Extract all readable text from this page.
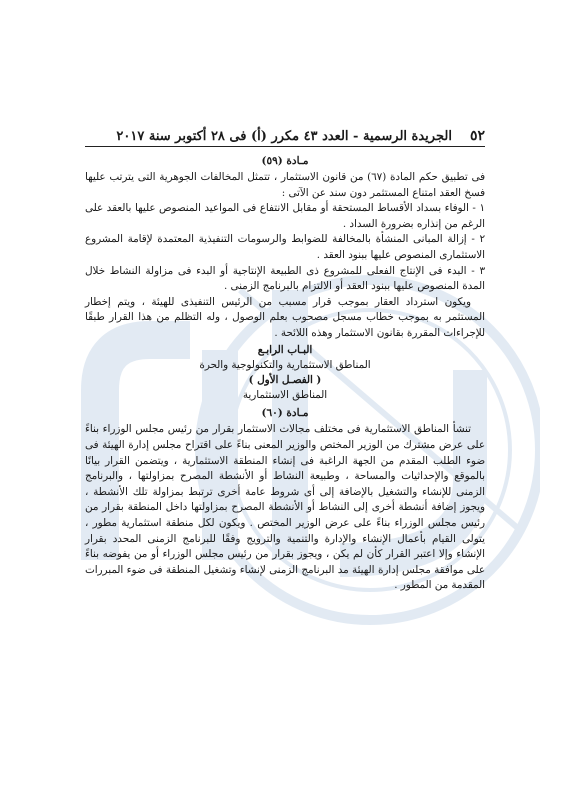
٥٢
الجريدة الرسمية - العدد ٤٣ مكرر (أ) فى ٢٨ أكتوبر سنة ٢٠١٧
مـادة (٥٩)

فى تطبيق حكم المادة (٦٧) من قانون الاستثمار ، تتمثل المخالفات الجوهرية التى يترتب عليها فسخ العقد امتناع المستثمر دون سند عن الآتى :

١ - الوفاء بسداد الأقساط المستحقة أو مقابل الانتفاع فى المواعيد المنصوص عليها بالعقد على الرغم من إنذاره بضرورة السداد .

٢ - إزالة المبانى المنشأة بالمخالفة للضوابط والرسومات التنفيذية المعتمدة لإقامة المشروع الاستثمارى المنصوص عليها ببنود العقد .

٣ - البدء فى الإنتاج الفعلى للمشروع ذى الطبيعة الإنتاجية أو البدء فى مزاولة النشاط خلال المدة المنصوص عليها ببنود العقد أو الالتزام بالبرنامج الزمنى .

ويكون استرداد العقار بموجب قرار مسبب من الرئيس التنفيذى للهيئة ، ويتم إخطار المستثمر به بموجب خطاب مسجل مصحوب بعلم الوصول ، وله التظلم من هذا القرار طبقًا للإجراءات المقررة بقانون الاستثمار وهذه اللائحة .

البـاب الرابـع
المناطق الاستثمارية والتكنولوجية والحرة
( الفصـل الأول )
المناطق الاستثمارية
مـادة (٦٠)

تنشأ المناطق الاستثمارية فى مختلف مجالات الاستثمار بقرار من رئيس مجلس الوزراء بناءً على عرض مشترك من الوزير المختص والوزير المعنى بناءً على اقتراح مجلس إدارة الهيئة فى ضوء الطلب المقدم من الجهة الراغبة فى إنشاء المنطقة الاستثمارية ، ويتضمن القرار بيانًا بالموقع والإحداثيات والمساحة ، وطبيعة النشاط أو الأنشطة المصرح بمزاولتها ، والبرنامج الزمنى للإنشاء والتشغيل بالإضافة إلى أى شروط عامة أخرى ترتبط بمزاولة تلك الأنشطة ، ويجوز إضافة أنشطة أخرى إلى النشاط أو الأنشطة المصرح بمزاولتها داخل المنطقة بقرار من رئيس مجلس الوزراء بناءً على عرض الوزير المختص . ويكون لكل منطقة استثمارية مطور ، يتولى القيام بأعمال الإنشاء والإدارة والتنمية والترويج وفقًا للبرنامج الزمنى المحدد بقرار الإنشاء وإلا اعتبر القرار كأن لم يكن ، ويجوز بقرار من رئيس مجلس الوزراء أو من يفوضه بناءً على موافقة مجلس إدارة الهيئة مد البرنامج الزمنى لإنشاء وتشغيل المنطقة فى ضوء المبررات المقدمة من المطور .
